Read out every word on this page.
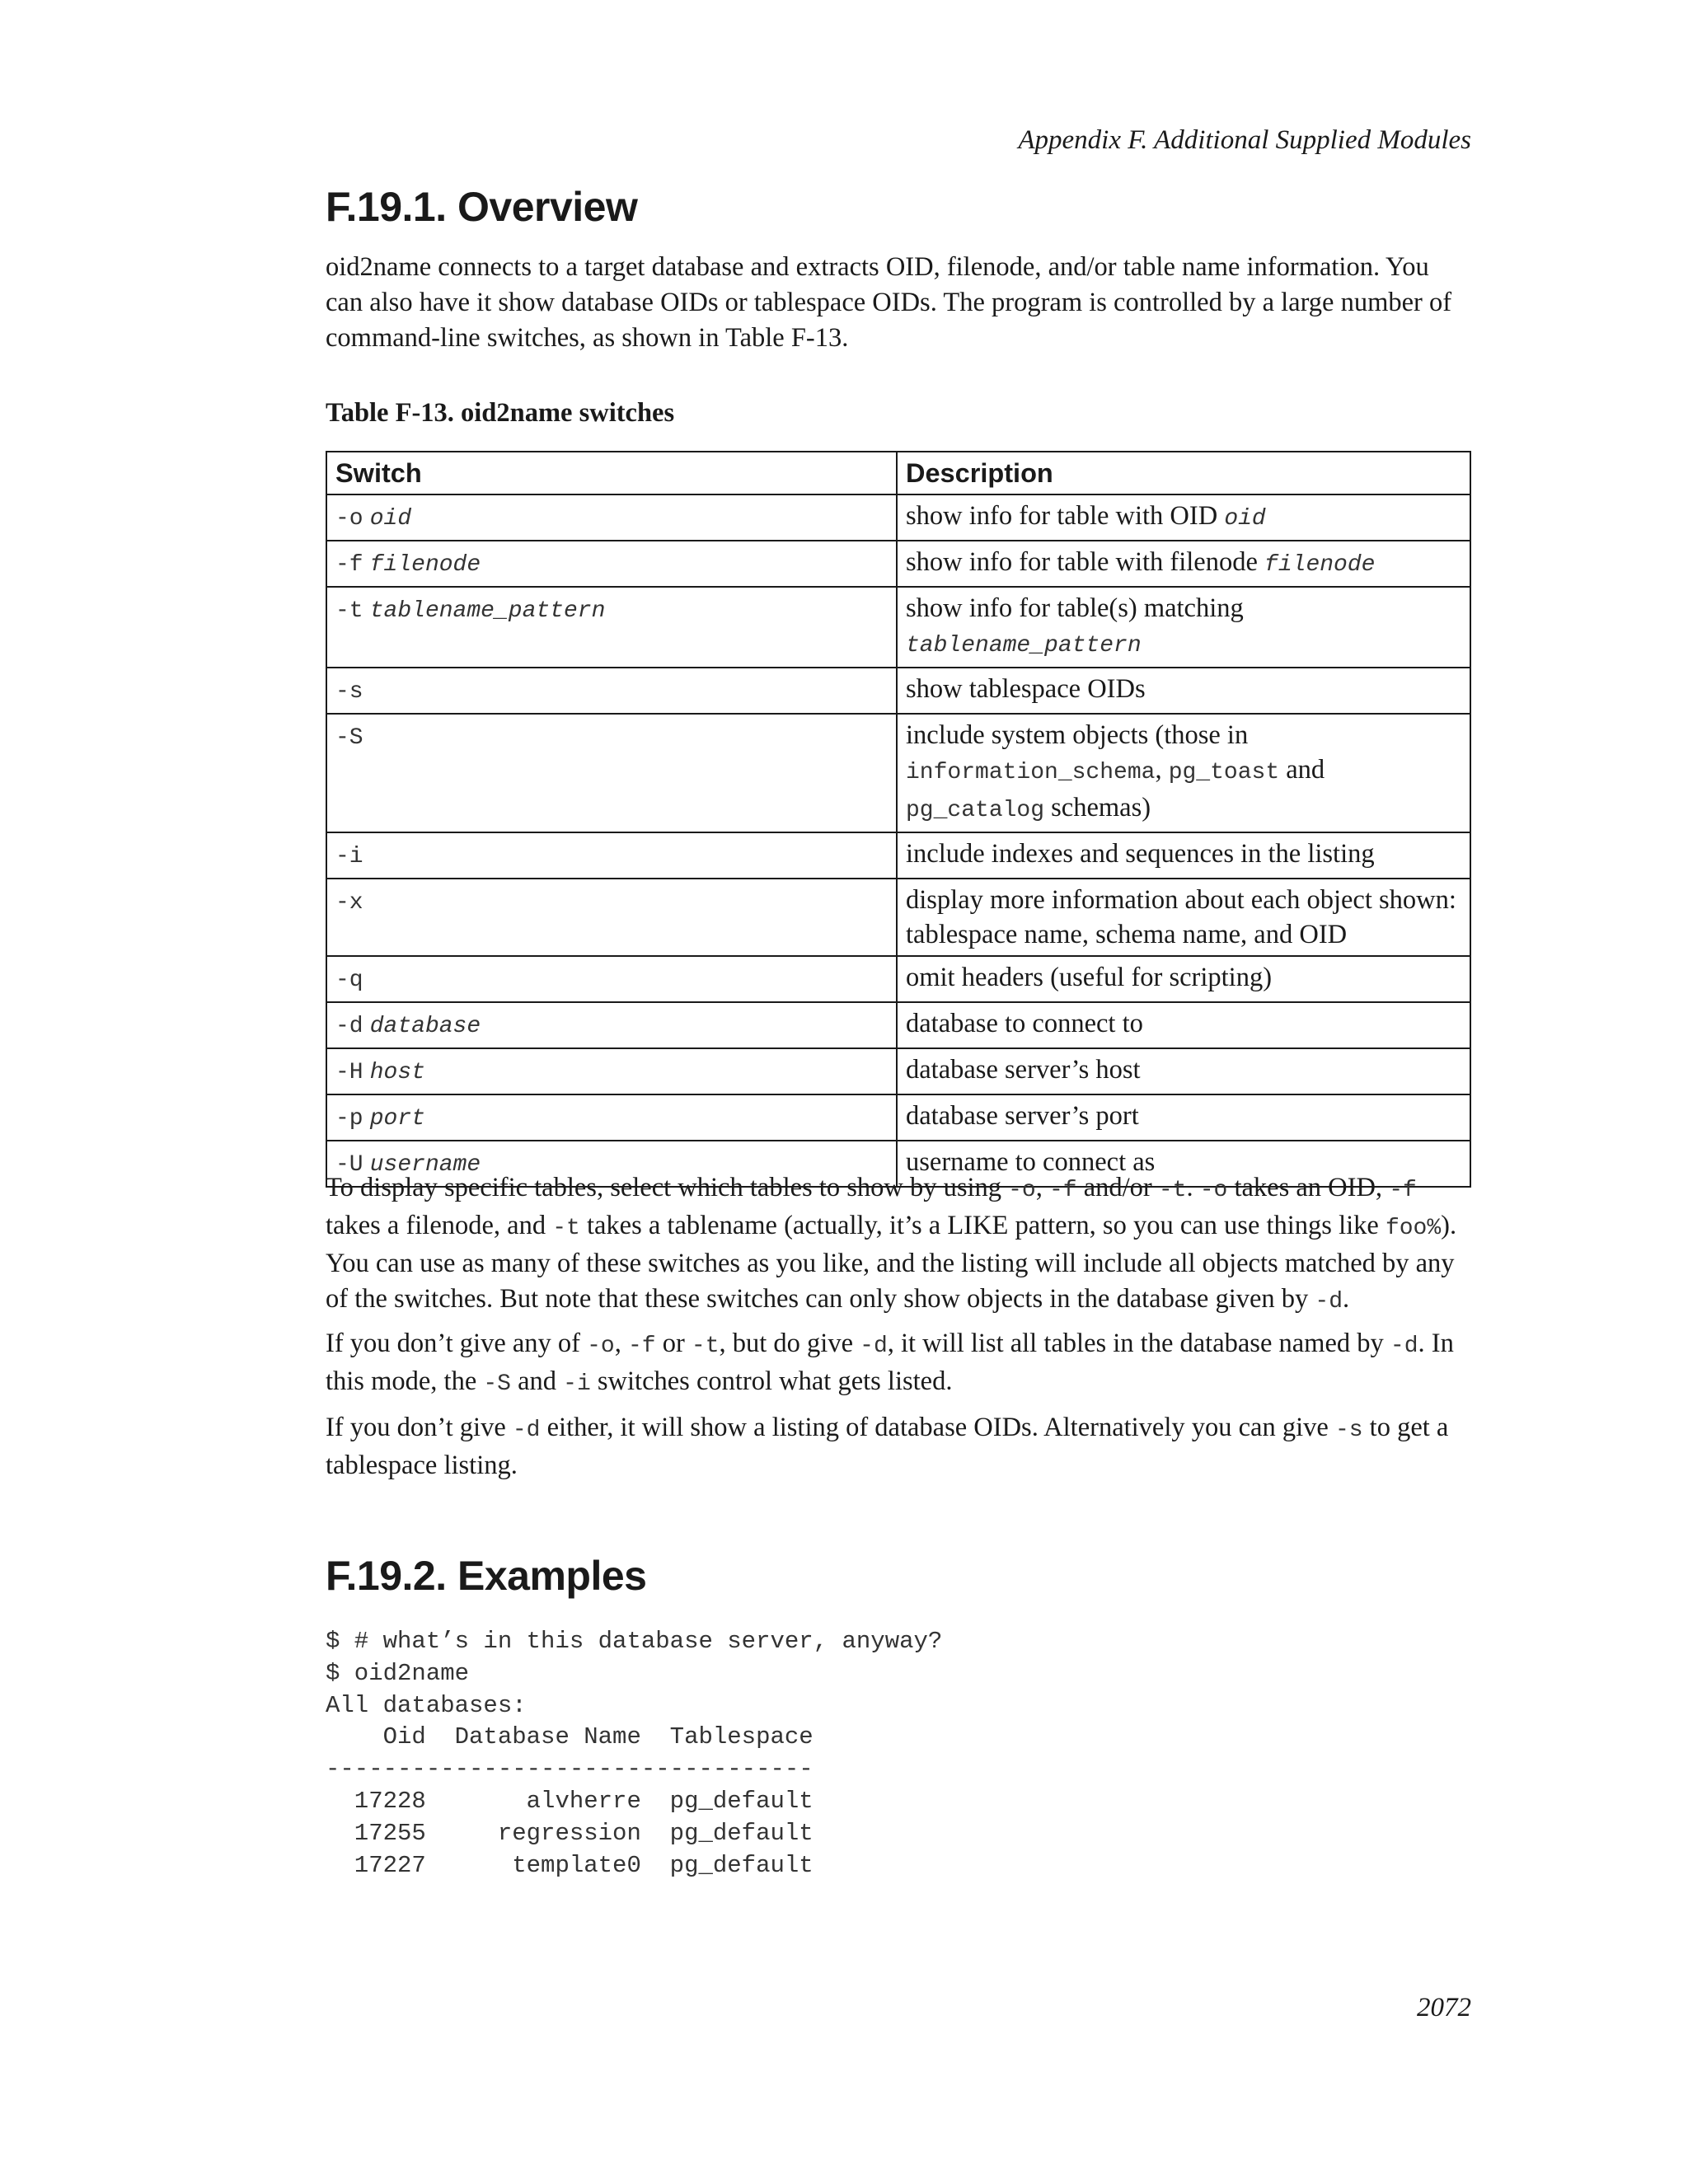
Appendix F. Additional Supplied Modules
F.19.1. Overview

oid2name connects to a target database and extracts OID, filenode, and/or table name information. You can also have it show database OIDs or tablespace OIDs. The program is controlled by a large number of command-line switches, as shown in Table F-13.

Table F-13. oid2name switches
Switch	Description
-o oid	show info for table with OID oid
-f filenode	show info for table with filenode filenode
-t tablename_pattern	show info for table(s) matching
tablename_pattern
-s	show tablespace OIDs
-S	include system objects (those in
information_schema, pg_toast and
pg_catalog schemas)
-i	include indexes and sequences in the listing
-x	display more information about each object shown: tablespace name, schema name, and OID
-q	omit headers (useful for scripting)
-d database	database to connect to
-H host	database server’s host
-p port	database server’s port
-U username	username to connect as

To display specific tables, select which tables to show by using -o, -f and/or -t. -o takes an OID, -f takes a filenode, and -t takes a tablename (actually, it’s a LIKE pattern, so you can use things like foo%). You can use as many of these switches as you like, and the listing will include all objects matched by any of the switches. But note that these switches can only show objects in the database given by -d.

If you don’t give any of -o, -f or -t, but do give -d, it will list all tables in the database named by -d. In this mode, the -S and -i switches control what gets listed.

If you don’t give -d either, it will show a listing of database OIDs. Alternatively you can give -s to get a tablespace listing.

F.19.2. Examples
$ # what’s in this database server, anyway?
$ oid2name
All databases:
Oid  Database Name  Tablespace
----------------------------------
17228       alvherre  pg_default
17255     regression  pg_default
17227      template0  pg_default
2072
